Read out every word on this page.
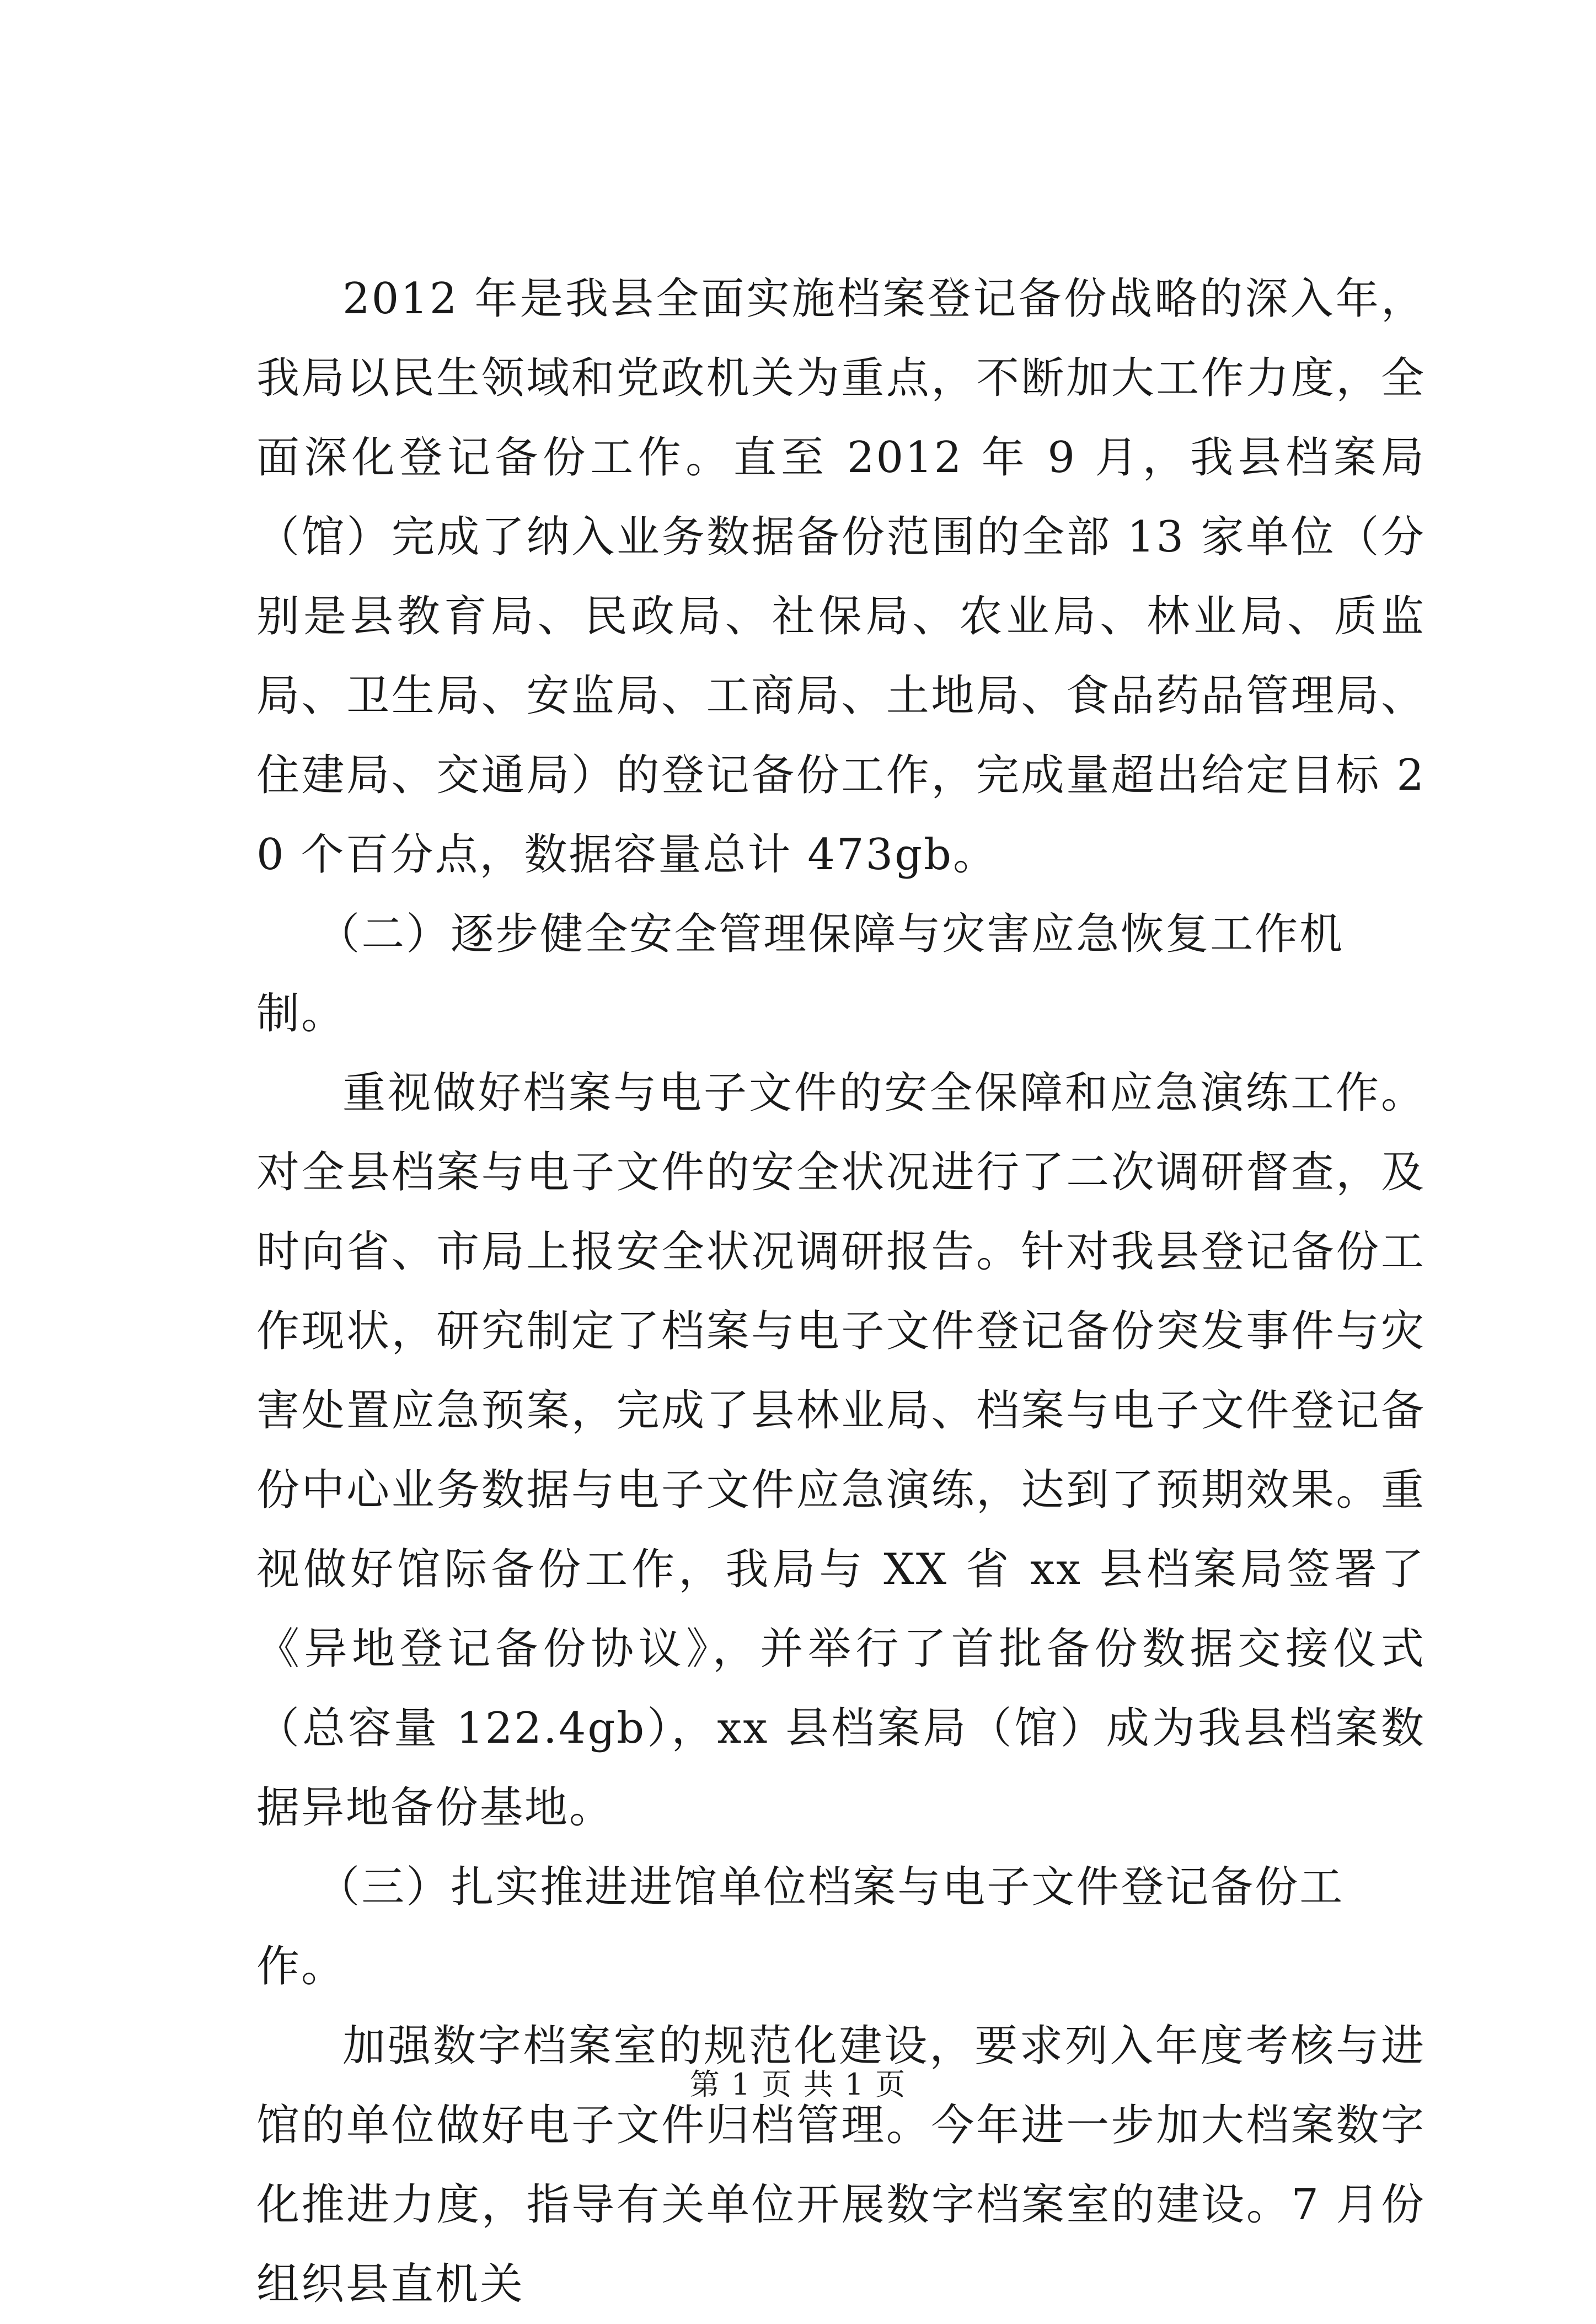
2012 年是我县全面实施档案登记备份战略的深入年，我局以民生领域和党政机关为重点，不断加大工作力度，全面深化登记备份工作。直至 2012 年 9 月，我县档案局（馆）完成了纳入业务数据备份范围的全部 13 家单位（分别是县教育局、民政局、社保局、农业局、林业局、质监局、卫生局、安监局、工商局、土地局、食品药品管理局、住建局、交通局）的登记备份工作，完成量超出给定目标 20 个百分点，数据容量总计 473gb。

（二）逐步健全安全管理保障与灾害应急恢复工作机制。

重视做好档案与电子文件的安全保障和应急演练工作。对全县档案与电子文件的安全状况进行了二次调研督查，及时向省、市局上报安全状况调研报告。针对我县登记备份工作现状，研究制定了档案与电子文件登记备份突发事件与灾害处置应急预案，完成了县林业局、档案与电子文件登记备份中心业务数据与电子文件应急演练，达到了预期效果。重视做好馆际备份工作，我局与 XX 省 xx 县档案局签署了《异地登记备份协议》，并举行了首批备份数据交接仪式（总容量 122.4gb），xx 县档案局（馆）成为我县档案数据异地备份基地。

（三）扎实推进进馆单位档案与电子文件登记备份工作。

加强数字档案室的规范化建设，要求列入年度考核与进馆的单位做好电子文件归档管理。今年进一步加大档案数字化推进力度，指导有关单位开展数字档案室的建设。7 月份组织县直机关

第 1 页 共 1 页
